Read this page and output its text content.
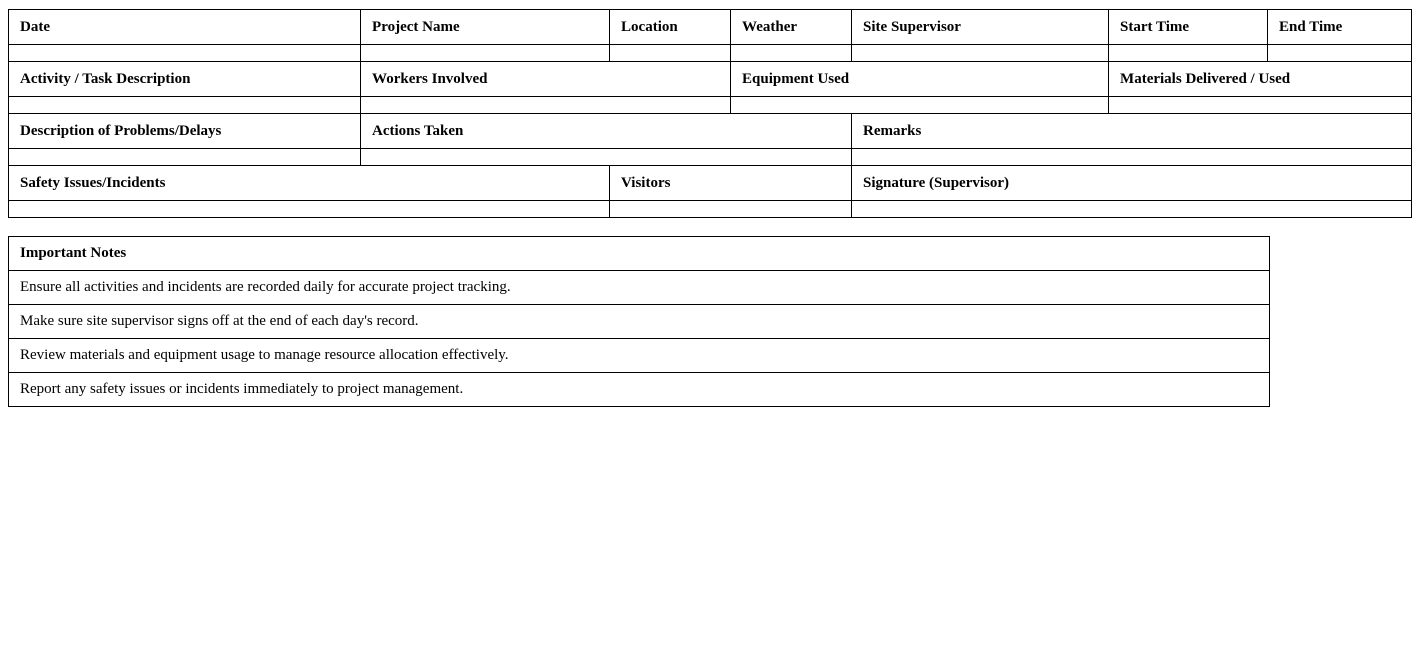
Date	Project Name	Location	Weather	Site Supervisor	Start Time	End Time

Activity / Task Description	Workers Involved		Equipment Used		Materials Delivered / Used	

Description of Problems/Delays	Actions Taken			Remarks		

Safety Issues/Incidents		Visitors		Signature (Supervisor)		

Important Notes
Ensure all activities and incidents are recorded daily for accurate project tracking.
Make sure site supervisor signs off at the end of each day's record.
Review materials and equipment usage to manage resource allocation effectively.
Report any safety issues or incidents immediately to project management.
